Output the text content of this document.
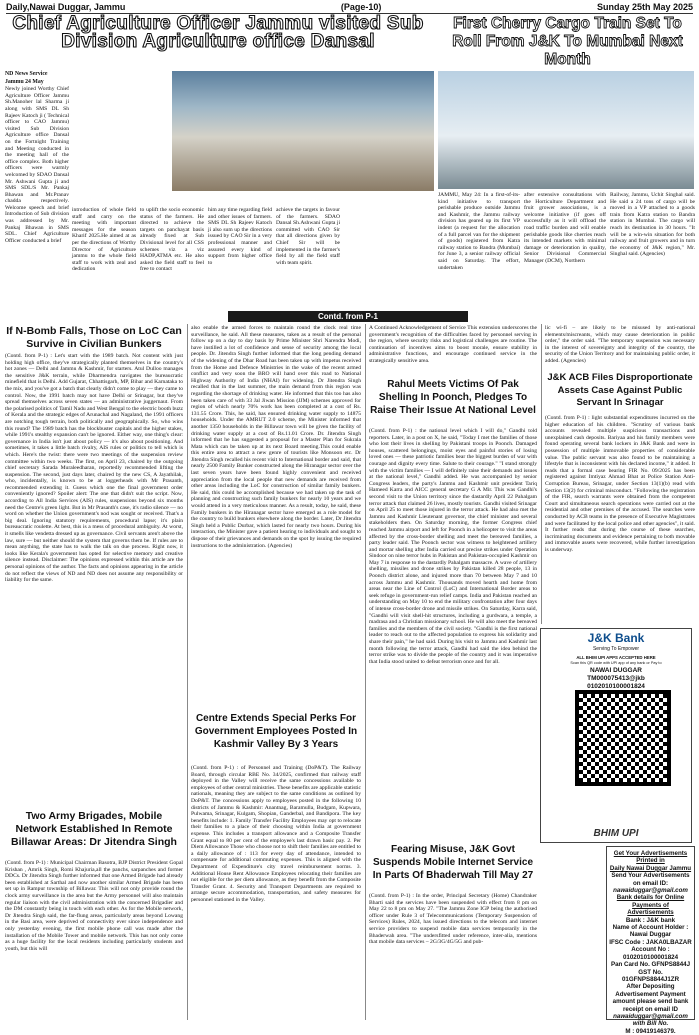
Daily,Nawai Duggar, Jammu	(Page-10)	Sunday 25th May 2025
Chief Agriculture Officer Jammu visited Sub Division Agriculture office Dansal
First Cherry Cargo Train Set To Roll From J&K To Mumbai Next Month

ND News Service

Jammu 24 May

Newly joined Worthy Chief Agriculture Officer Jammu Sh.Manoher lal Sharma ji along with SMS DL Sh Rajeev Katoch ji ( Technical officer to CAO Jammu) visited Sub Division Agriculture office Dansal on the Fortnight Training and Meeting conducted in the meeting hall of the office complex. Both higher officers were warmly welcomed by SDAO Dansal Mr. Ashwani Gupta ji and SMS SDL/S Mr. Pankaj Bhawan and Mr.Pranav chadda respectively. Welcome speech and brief Introduction of Sub division was addressed by Mr. Pankaj Bhawan in SMS SDL. Chief Agriculture Officer conducted a brief

introduction of whole field staff and carry on the meeting with important messages for the season Kharif 2025.He aimed at as per the directions of Worthy Director of Agriculture jammu to the whole field staff to work with zeal and dedication

to uplift the socio economic status of the farmers. He directed to achieve the targets on panchayat basis already fixed at Sub Divisional level for all CSS schemes viz a viz HADP,ATMA etc. He also asked the field staff to feel free to contact

him any time regarding field and other issues of farmers. SMS DL Sh Rajeev Katoch ji also sum up the directions issued by CAO Sir in a very professional manner and assured every kind of support from higher office to

achieve the targets in favour of the farmers. SDAO Dansal Sh.Ashwani Gupta ji committed with CAO Sir that all directions given by Chief Sir will be implemented in the farmer's field by all the field staff with team spirit.

JAMMU, May 24: In a first-of-its-kind initiative to transport perishable produce outside Jammu and Kashmir, the Jammu railway division has geared up its first VP indent (a request for the allocation of a full parcel van for the shipment of goods) registered from Katra railway station to Bandra (Mumbai) for June 3, a senior railway official said on Saturday. The effort, undertaken

after extensive consultations with the Horticulture Department and fruit grower associations, is a welcome initiative (if goes off successfully as it will offload the road traffic burden and will enable perishable goods like cherries reach its intended markets with minimal damage or deterioration in quality, Senior Divisional Commercial Manager (DCM), Northern

Railway, Jammu, Uchit Singhal said. He said a 24 tons of cargo will be moved in a VP attached to a goods train from Katra station to Bandra station in Mumbai. The cargo will reach its destination in 30 hours. "It will be a win-win situation for both railway and fruit growers and in turn the economy of J&K region," Mr. Singhal said. (Agencies)

Contd. from P-1
If N-Bomb Falls, Those on LoC Can Survive in Civilian Bunkers

(Contd. from P-1) : Let's start with the 1989 batch. Not content with just holding high office, they've strategically planted themselves in the country's hot zones — Delhi and Jammu & Kashmir, for starters. Atul Dulloo manages the sensitive J&K terrain, while Dharmendra navigates the bureaucratic minefield that is Delhi. Add Gujarat, Chhattisgarh, MP, Bihar and Karnataka to the mix, and you've got a batch that clearly didn't come to play — they came to control. Now, the 1991 batch may not have Delhi or Srinagar, but they've spread themselves across seven states — an administrative juggernaut. From the polarised politics of Tamil Nadu and West Bengal to the electric booth buzz of Kerala and the strategic edges of Arunachal and Nagaland, the 1991 officers are notching tough terrain, both politically and geographically. So, who wins this round? The 1989 batch has the blockbuster capitals and the higher stakes, while 1991's stealthy expansion can't be ignored. Either way, one thing's clear: governance in India isn't just about policy — it's also about positioning. And sometimes, it takes a little batch rivalry, AIS rules or politics to tell which is which. Here's the twist: there were two meetings of the suspension review committee within two weeks. The first, on April 23, chaired by the outgoing chief secretary Sarada Muraleedharan, reportedly recommended lifting the suspension. The second, just days later, chaired by the new CS, A Jayathilak, who, incidentally, is known to be at loggerheads with Mr Prasanth, recommended extending it. Guess which one the final government order conveniently ignored? Spoiler alert: The one that didn't suit the script. Now, according to All India Services (AIS) rules, suspensions beyond six months need the Centre's green light. But in Mr Prasanth's case, it's radio silence — no word on whether the Union government's nod was sought or received. That's a big deal. Ignoring statutory requirements, procedural lapse; it's plain bureaucratic roulette. At best, this is a mess of procedural ambiguity. At worst, it smells like vendetta dressed up as governance. Civil servants aren't above the law, sure — but neither should the system that governs them be. If rules are to mean anything, the state has to walk the talk on due process. Right now, it looks like Kerala's government has opted for selective memory and creative silence instead. Disclaimer: The opinions expressed within this article are the personal opinions of the author. The facts and opinions appearing in the article do not reflect the views of ND and ND does not assume any responsibility or liability for the same.

Two Army Brigades, Mobile Network Established In Remote Billawar Areas: Dr Jitendra Singh

(Contd. from P-1) : Municipal Chairman Basotra, BJP District President Gopal Krishan , Amrik Singh, Romi Khajuria,all the panchs, sarpanches and former DDCs. Dr Jitendra Singh further informed that one Armed Brigade had already been established at Sarthal and now another similar Armed Brigade has been set up in Rampur township of Billawar. This will not only provide round the clock army surveillance in the area but the Army personnel will also maintain regular liaison with the civil administration with the concerned Brigadier and the DM constantly being in touch with each other. As for the Mobile network, Dr Jitendra Singh said, the far-flung areas, particularly areas beyond Lowang in the Basi area, were deprived of connectivity ever since independence and only yesterday evening, the first mobile phone call was made after the installation of the Mobile Tower and mobile network. This has not only come as a huge facility for the local residents including particularly students and youth, but this will

also enable the armed forces to maintain round the clock real time surveillance, he said. All these measures, taken as a result of the personal follow up on a day to day basis by Prime Minister Shri Narendra Modi, have instilled a lot of confidence and sense of security among the local people. Dr. Jitendra Singh further informed that the long pending demand of the widening of the Dhar Road has been taken up with impetus received from the Home and Defence Ministries in the wake of the recent armed conflict and very soon the BRO will hand over this road to National Highway Authority of India (NHAI) for widening. Dr Jitendra Singh recalled that in the last summer, the main demand from this region was regarding the shortage of drinking water. He informed that this too has also been taken care of with 33 Jal Jiwan Mission (JJM) schemes approved for region of which nearly 70% work has been completed at a cost of Rs. 131.55 Crore. This, he said, has ensured drinking water supply to 14875 households. Under the AMRUT 2.0 scheme, the Minister informed that another 1350 households in the Billawar town will be given the facility of drinking water supply at a cost of Rs.11.01 Crore. Dr. Jitendra Singh informed that he has suggested a proposal for a Master Plan for Sukrala Mata which can be taken up at its next Board meeting.This could enable this entire area to attract a new genre of tourists like Monsoon etc. Dr Jitendra Singh recalled his recent visit to International border and said, that nearly 2500 Family Bunker constructed along the Hiranagar sector over the last seven years have been found highly convenient and received appreciation from the local people that new demands are received from other areas including the LoC for construction of similar family bunkers. He said, this could be accomplished because we had taken up the task of planning and constructing such family bunkers for nearly 10 years and we would attend in a very meticulous manner. As a result, today, he said, these Family bunkers in the Hiranagar sector have emerged as a role model for the country to build bunkers elsewhere along the border. Later, Dr Jitendra Singh held a Public Durbar, which lasted for nearly two hours. During his interaction, the Minister gave a patient hearing to individuals and sought to dispose of their grievances and demands on the spot by issuing the required instructions to the administration. (Agencies)

Centre Extends Special Perks For Government Employees Posted In Kashmir Valley By 3 Years

(Contd. from P-1) : of Personnel and Training (DoP&T). The Railway Board, through circular RBE No. 34/2025, confirmed that railway staff deployed in the Valley will receive the same concessions available to employees of other central ministries. These benefits are applicable statistic nationals, meaning they are subject to the same conditions as outlined by DoP&T. The concessions apply to employees posted in the following 10 districts of Jammu & Kashmir: Anantnag, Baramulla, Budgam, Kupwara, Pulwama, Srinagar, Kulgam, Shopian, Ganderbal, and Bandipora. The key benefits include: 1. Family Transfer Facility Employees may opt to relocate their families to a place of their choosing within India at government expense. This includes a transport allowance and a Composite Transfer Grant equal to 80 per cent of the employee's last drawn basic pay. 2. Per Diem Allowance Those who choose not to shift their families are entitled to a daily allowance of : 113 for every day of attendance, intended to compensate for additional commuting expenses. This is aligned with the Department of Expenditure's city travel reimbursement norms. 3. Additional House Rent Allowance Employees relocating their families are not eligible for the per diem allowance, as they benefit from the Composite Transfer Grant. 4. Security and Transport Departments are required to arrange secure accommodation, transportation, and safety measures for personnel stationed in the Valley.

A Continued Acknowledgement of Service This extension underscores the government's recognition of the difficulties faced by personnel serving in the region, where security risks and logistical challenges are routine. The continuation of incentives aims to boost morale, ensure stability in administrative functions, and encourage continued service in the strategically sensitive area.

Rahul Meets Victims Of Pak Shelling In Poonch, Pledges To Raise Their Issue At National Level

(Contd. from P-1) : the national level which I will do," Gandhi told reporters. Later, in a post on X, he said, "Today I met the families of those who lost their lives in shelling by Pakistani troops in Poonch. Damaged houses, scattered belongings, moist eyes and painful stories of losing loved ones — these patriotic families bear the biggest burden of war with courage and dignity every time. Salute to their courage." "I stand strongly with the victim families — I will definitely raise their demands and issues at the national level," Gandhi added. He was accompanied by senior Congress leaders, the party's Jammu and Kashmir unit president Tariq Hameed Karra and AICC general secretary G A Mir. This was Gandhi's second visit to the Union territory since the dastardly April 22 Pahalgam terror attack that claimed 26 lives, mostly tourists. Gandhi visited Srinagar on April 25 to meet those injured in the terror attack. He had also met the Jammu and Kashmir Lieutenant governor, the chief minister and several stakeholders then. On Saturday morning, the former Congress chief reached Jammu airport and left for Poonch in a helicopter to visit the areas affected by the cross-border shelling and meet the bereaved families, a party leader said. The Poonch sector was witness to heightened artillery and mortar shelling after India carried out precise strikes under Operation Sindoor on nine terror hubs in Pakistan and Pakistan-occupied Kashmir on May 7 in response to the dastardly Pahalgam massacre. A wave of artillery shelling, missiles and drone strikes by Pakistan killed 28 people, 13 in Poonch district alone, and injured more than 70 between May 7 and 10 across Jammu and Kashmir. Thousands moved hearth and home from areas near the Line of Control (LoC) and International Border areas to seek refuge in government-run relief camps. India and Pakistan reached an understanding on May 10 to end the military confrontation after four days of intense cross-border drone and missile strikes. On Saturday, Karra said, "Gandhi will visit shell-hit structures, including a gurdwara, a temple, a madrasa and a Christian missionary school. He will also meet the bereaved families and the members of the civil society. "Gandhi is the first national leader to reach out to the affected population to express his solidarity and share their pain," he had said. During his visit to Jammu and Kashmir last month following the terror attack, Gandhi had said the idea behind the terror strike was to divide the people of the country and it was imperative that India stood united to defeat terrorism once and for all.

Fearing Misuse, J&K Govt Suspends Mobile Internet Service In Parts Of Bhaderwah Till May 27

(Contd. from P-1) : In the order, Principal Secretary (Home) Chandraker Bharti said the services have been suspended with effect from 8 pm on May 22 to 8 pm on May 27. "The Jammu Zone IGP being the authorised officer under Rule 3 of Telecommunications (Temporary Suspension of Services) Rules, 2024, has issued directions to the telecom and internet service providers to suspend mobile data services temporarily in the Bhaderwah area. "The undersfitted under reference, inter-alia, mentions that mobile data services – 2G/3G/4G/5G and pub-

lic wi-fi – are likely to be misused by anti-national elements/miscreants, which may cause deterioration in public order," the order said. "The temporary suspension was necessary in the interest of sovereignty and integrity of the country, the security of the Union Territory and for maintaining public order, it added. (Agencies)

J&K ACB Files Disproportionate Assets Case Against Public Servant In Srinagar

(Contd. from P-1) : light substantial expenditures incurred on the higher education of his children. "Scrutiny of various bank accounts revealed multiple suspicious transactions and unexplained cash deposits. Bariyaa and his family members were found operating several bank lockers in J&K Bank and were in possession of multiple immovable properties of considerable value. The public servant was also found to be maintaining a lifestyle that is inconsistent with his declared income," it added. It reads that a formal case bearing FIR No. 09/2025 has been registered against Imtiyaz Ahmad Bhat at Police Station Anti-Corruption Bureau, Srinagar, under Section 13(1)(b) read with Section 13(2) for criminal misconduct. "Following the registration of the FIR, search warrants were obtained from the competent Court and simultaneous search operations were carried out at the residential and other premises of the accused. The searches were conducted by ACB teams in the presence of Executive Magistrates and were facilitated by the local police and other agencies", it said. It further reads that during the course of these searches, incriminating documents and evidence pertaining to both movable and immovable assets were recovered, while further investigation is underway.

J&K Bank
Serving To Empower
ALL BHIM UPI APPS ACCEPTED HERE
Scan this QR code with UPI app of any bank or Pay to
NAWAI DUGGAR
TM000075413@jkb
0102010100001824
BHIM UPI
Get Your Advertisements Printed in
Daily Nawai Duggar Jammu
Send Your Advertisements on email ID:
nawaiduggar@gmail.com
Bank details for Online Payments of Advertisements
Bank : J&K bank
Name of Account Holder :
Nawai Duggar
IFSC Code : JAKA0LBAZAR
Account No :
0102010100001824
Pan Card No. GFNPS8844J
GST No. 01GFNPS8844J1ZR
After Depositing Advertisement Payment amount please send bank receipt on email ID
nawaiduggar@gmail.com
with Bill No.
M : 09419146379.
